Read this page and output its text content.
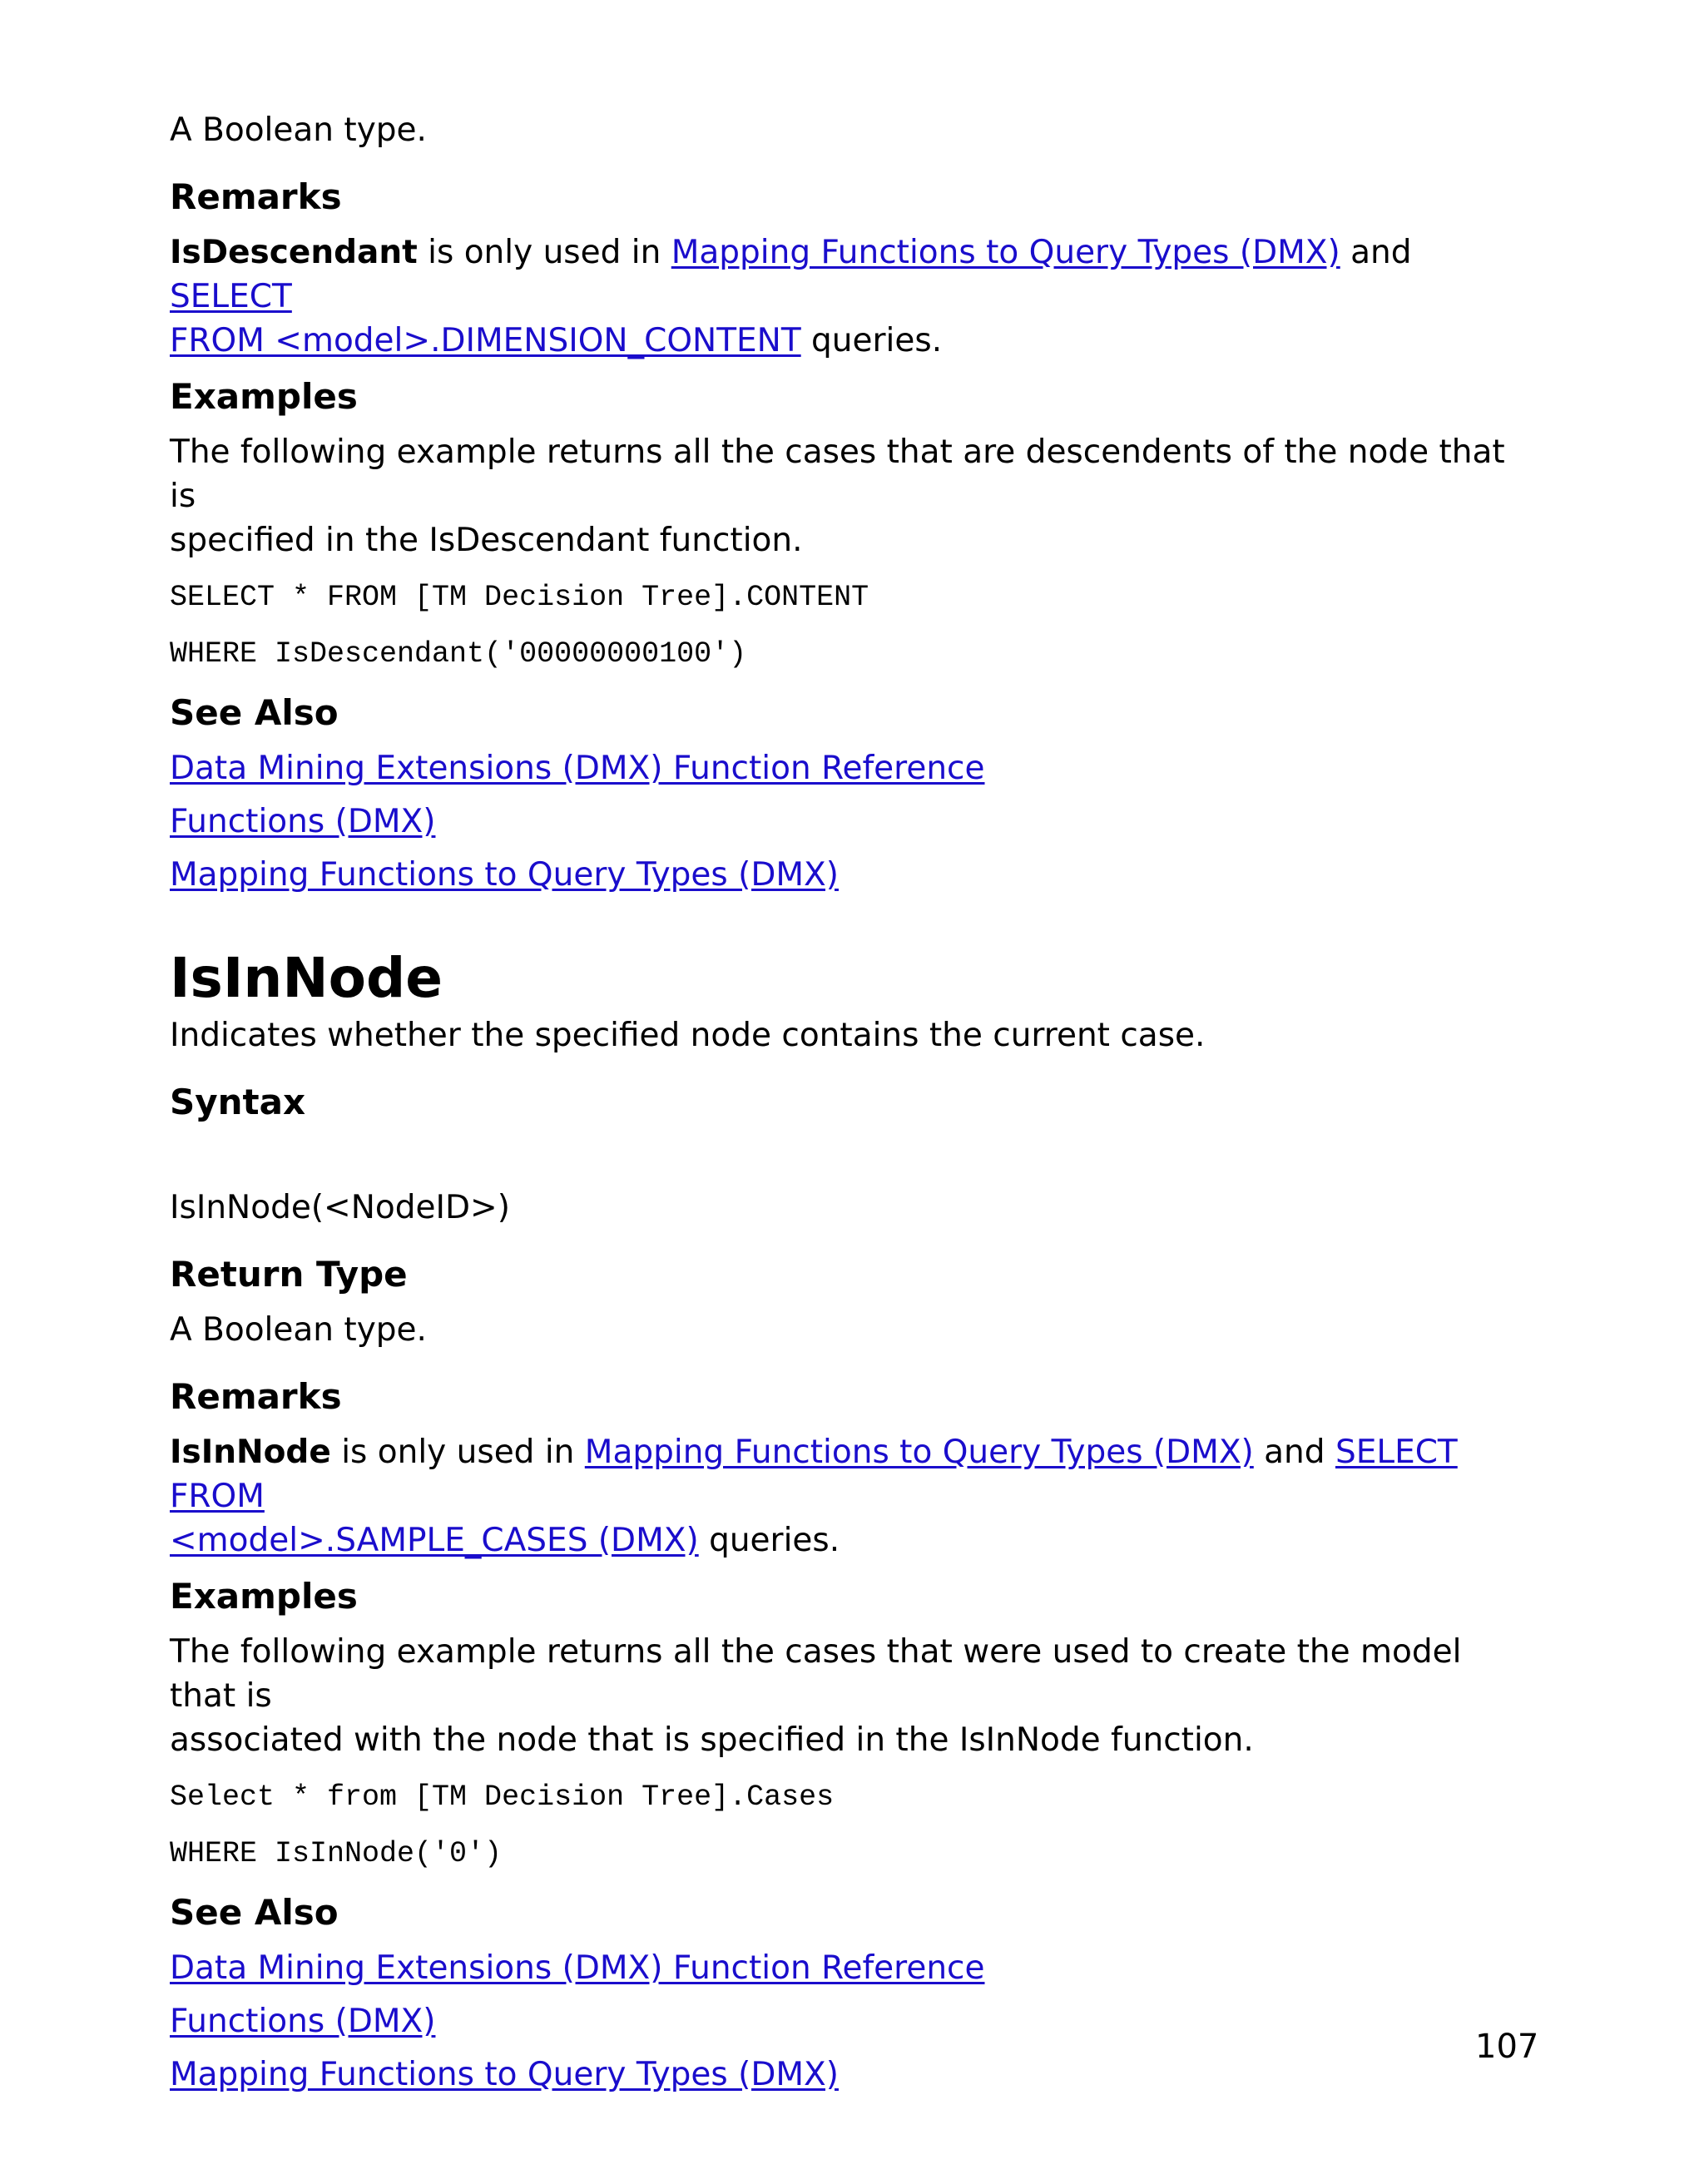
A Boolean type.

Remarks

IsDescendant is only used in Mapping Functions to Query Types (DMX) and SELECT
FROM <model>.DIMENSION_CONTENT queries.

Examples

The following example returns all the cases that are descendents of the node that is
specified in the IsDescendant function.

SELECT * FROM [TM Decision Tree].CONTENT
WHERE IsDescendant('00000000100')
See Also

Data Mining Extensions (DMX) Function Reference

Functions (DMX)

Mapping Functions to Query Types (DMX)

IsInNode

Indicates whether the specified node contains the current case.

Syntax

IsInNode(<NodeID>)

Return Type

A Boolean type.

Remarks

IsInNode is only used in Mapping Functions to Query Types (DMX) and SELECT FROM
<model>.SAMPLE_CASES (DMX) queries.

Examples

The following example returns all the cases that were used to create the model that is
associated with the node that is specified in the IsInNode function.

Select * from [TM Decision Tree].Cases
WHERE IsInNode('0')
See Also

Data Mining Extensions (DMX) Function Reference

Functions (DMX)

Mapping Functions to Query Types (DMX)

107
